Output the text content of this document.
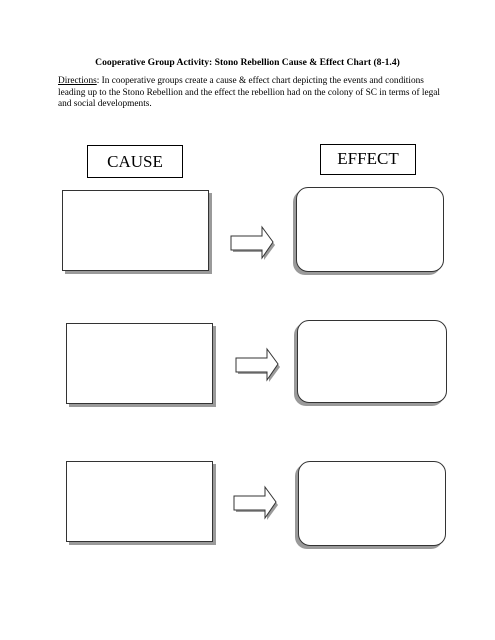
Cooperative Group Activity: Stono Rebellion Cause & Effect Chart (8-1.4)
Directions: In cooperative groups create a cause & effect chart depicting the events and conditions leading up to the Stono Rebellion and the effect the rebellion had on the colony of SC in terms of legal and social developments.
CAUSE	EFFECT
